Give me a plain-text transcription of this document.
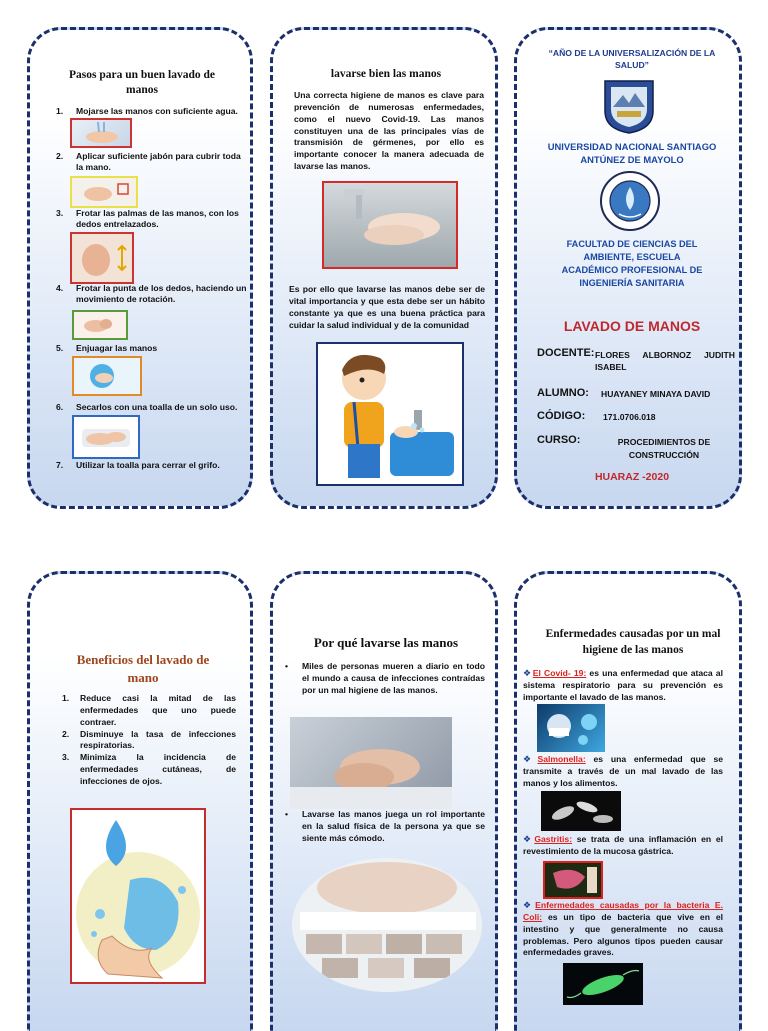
Pasos para un buen lavado de manos
1. Mojarse las manos con suficiente agua.
2. Aplicar suficiente jabón para cubrir toda la mano.
3. Frotar las palmas de las manos, con los dedos entrelazados.
4. Frotar la punta de los dedos, haciendo un movimiento de rotación.
5. Enjuagar las manos
6. Secarlos con una toalla de un solo uso.
7. Utilizar la toalla para cerrar el grifo.
lavarse bien las manos
Una correcta higiene de manos es clave para prevención de numerosas enfermedades, como el nuevo Covid-19. Las manos constituyen una de las principales vías de transmisión de gérmenes, por ello es importante conocer la manera adecuada de lavarse las manos.
Es por ello que lavarse las manos debe ser de vital importancia y que esta debe ser un hábito constante ya que es una buena práctica para cuidar la salud individual y de la comunidad
“AÑO DE LA UNIVERSALIZACIÓN DE LA SALUD”
UNIVERSIDAD NACIONAL SANTIAGO ANTÚNEZ DE MAYOLO
FACULTAD DE CIENCIAS DEL AMBIENTE, ESCUELA ACADÉMICO PROFESIONAL DE INGENIERÍA SANITARIA
LAVADO DE MANOS
DOCENTE: FLORES ALBORNOZ JUDITH ISABEL
ALUMNO: HUAYANEY MINAYA DAVID
CÓDIGO: 171.0706.018
CURSO:	PROCEDIMIENTOS DE CONSTRUCCIÓN
HUARAZ -2020
Beneficios del lavado de mano
1. Reduce casi la mitad de las enfermedades que uno puede contraer.
2. Disminuye la tasa de infecciones respiratorias.
3. Minimiza la incidencia de enfermedades cutáneas, de infecciones de ojos.
Por qué lavarse las manos
• Miles de personas mueren a diario en todo el mundo a causa de infecciones contraídas por un mal higiene de las manos.
• Lavarse las manos juega un rol importante en la salud física de la persona ya que se siente más cómodo.
Enfermedades causadas por un mal higiene de las manos
❖El Covid- 19: es una enfermedad que ataca al sistema respiratorio para su prevención es importante el lavado de las manos.
❖Salmonella: es una enfermedad que se transmite a través de un mal lavado de las manos y los alimentos.
❖Gastritis: se trata de una inflamación en el revestimiento de la mucosa gástrica.
❖Enfermedades causadas por la bacteria E. Coli: es un tipo de bacteria que vive en el intestino y que generalmente no causa problemas. Pero algunos tipos pueden causar enfermedades graves.
